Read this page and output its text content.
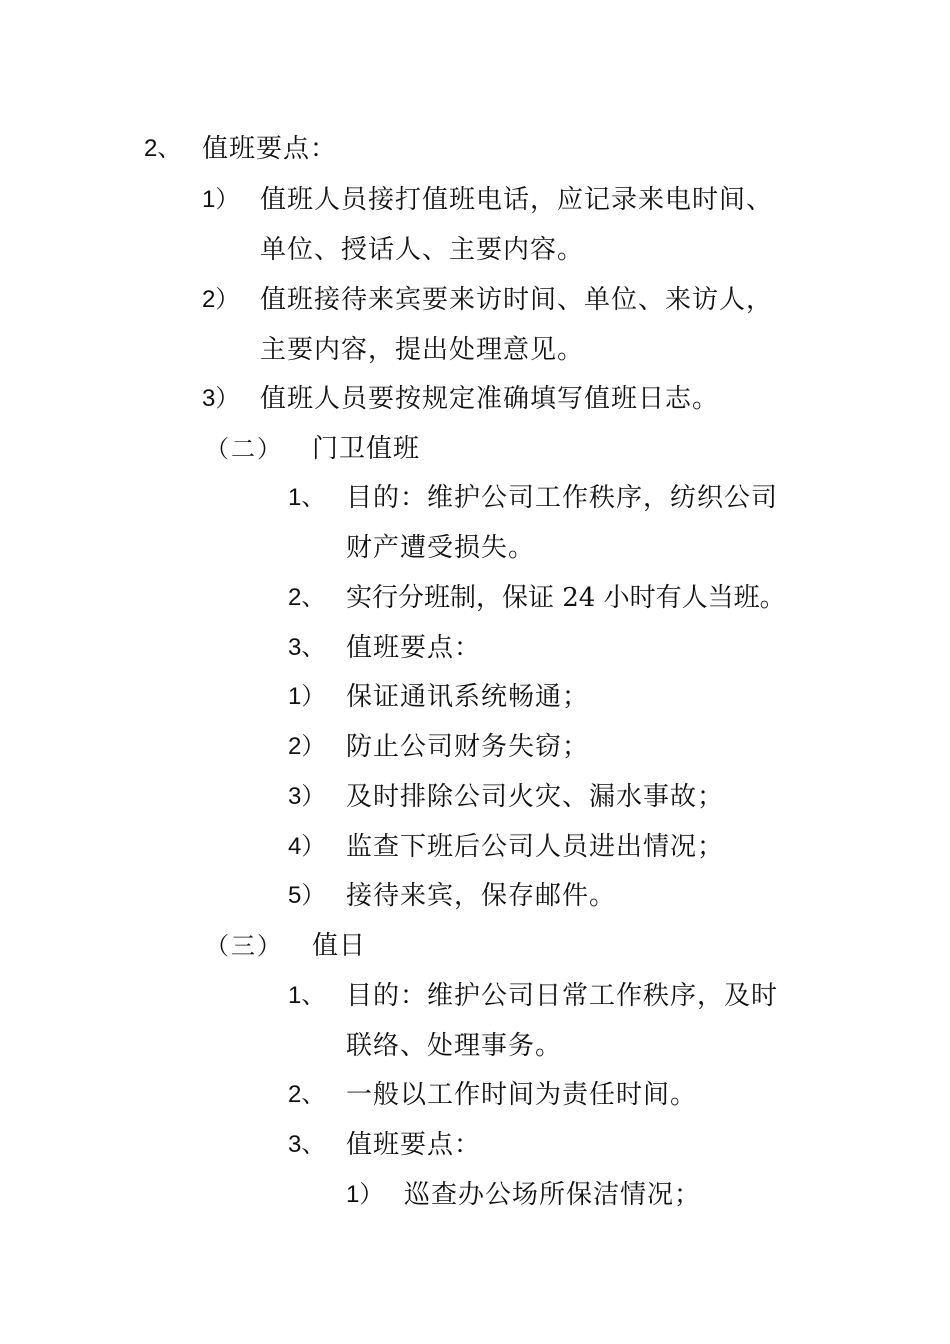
2、 值班要点：
1） 值班人员接打值班电话，应记录来电时间、
单位、授话人、主要内容。
2） 值班接待来宾要来访时间、单位、来访人，
主要内容，提出处理意见。
3） 值班人员要按规定准确填写值班日志。
（二） 门卫值班
1、 目的：维护公司工作秩序，纺织公司
财产遭受损失。
2、 实行分班制，保证 24 小时有人当班。
3、 值班要点：
1） 保证通讯系统畅通；
2） 防止公司财务失窃；
3） 及时排除公司火灾、漏水事故；
4） 监查下班后公司人员进出情况；
5） 接待来宾，保存邮件。
（三） 值日
1、 目的：维护公司日常工作秩序，及时
联络、处理事务。
2、 一般以工作时间为责任时间。
3、 值班要点：
1） 巡查办公场所保洁情况；
